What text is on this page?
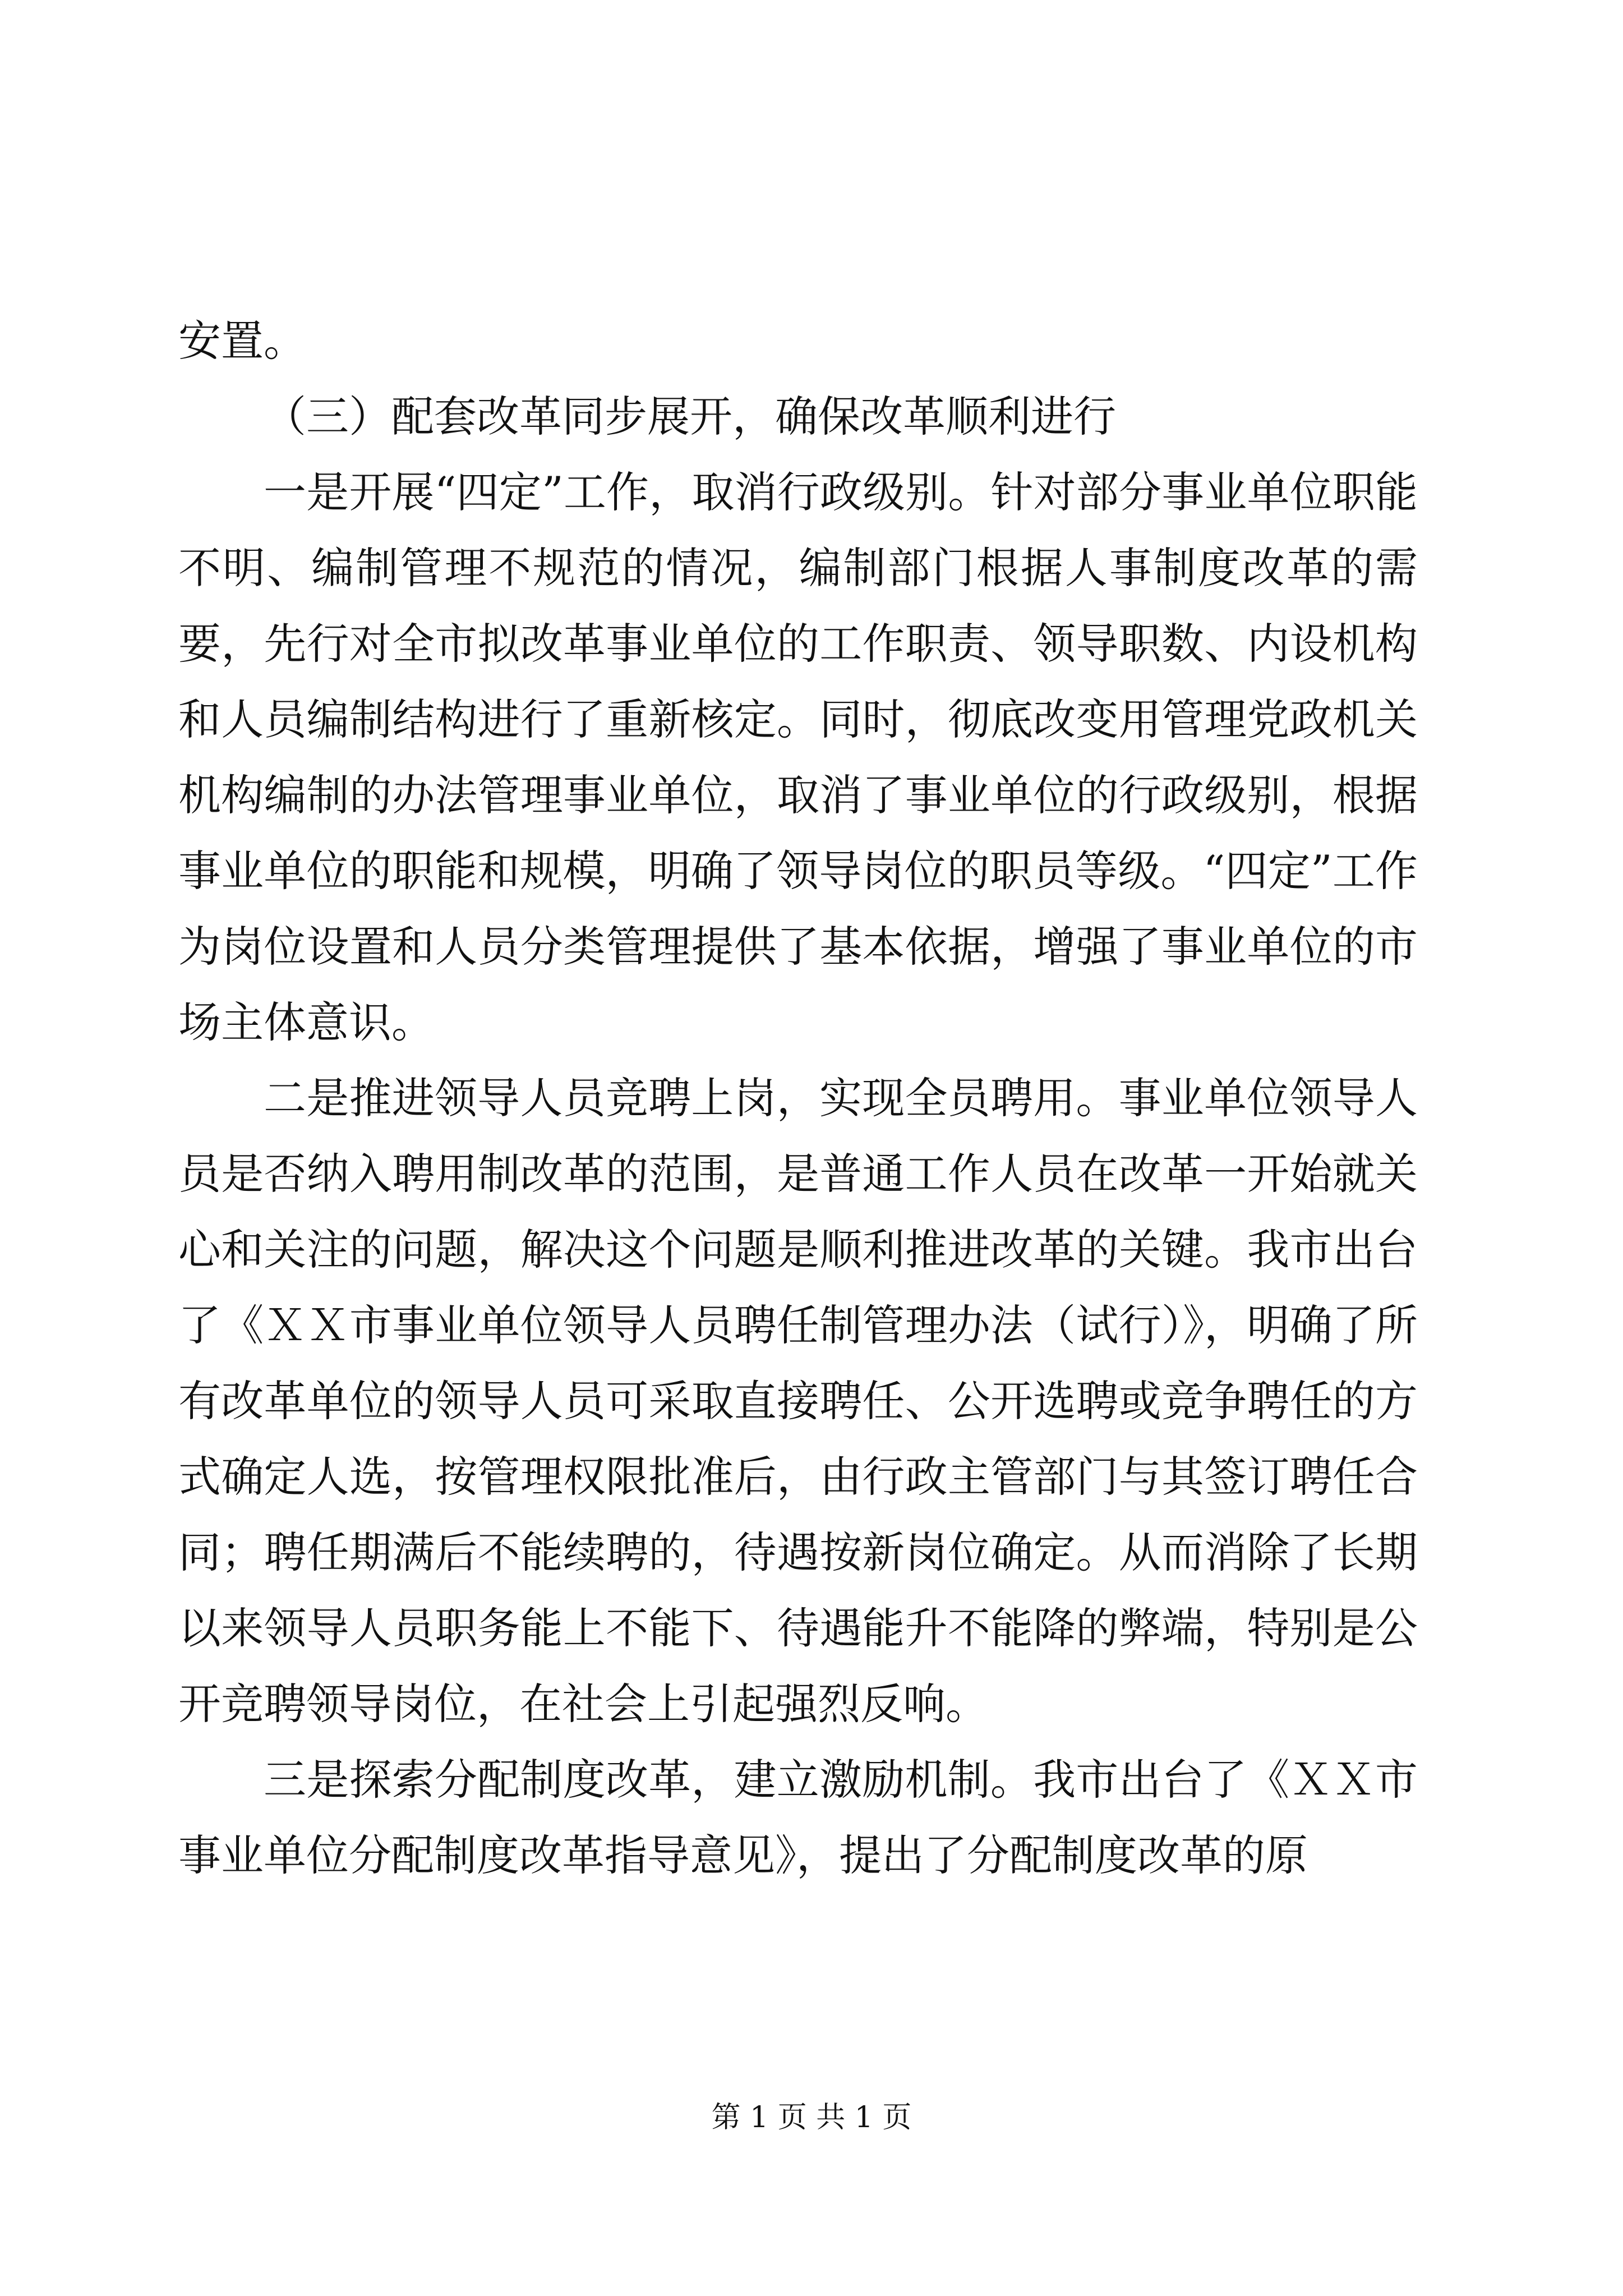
安置。

（三）配套改革同步展开，确保改革顺利进行

一是开展“四定”工作，取消行政级别。针对部分事业单位职能不明、编制管理不规范的情况，编制部门根据人事制度改革的需要，先行对全市拟改革事业单位的工作职责、领导职数、内设机构和人员编制结构进行了重新核定。同时，彻底改变用管理党政机关机构编制的办法管理事业单位，取消了事业单位的行政级别，根据事业单位的职能和规模，明确了领导岗位的职员等级。“四定”工作为岗位设置和人员分类管理提供了基本依据，增强了事业单位的市场主体意识。

二是推进领导人员竞聘上岗，实现全员聘用。事业单位领导人员是否纳入聘用制改革的范围，是普通工作人员在改革一开始就关心和关注的问题，解决这个问题是顺利推进改革的关键。我市出台了《ＸＸ市事业单位领导人员聘任制管理办法（试行）》，明确了所有改革单位的领导人员可采取直接聘任、公开选聘或竞争聘任的方式确定人选，按管理权限批准后，由行政主管部门与其签订聘任合同；聘任期满后不能续聘的，待遇按新岗位确定。从而消除了长期以来领导人员职务能上不能下、待遇能升不能降的弊端，特别是公开竞聘领导岗位，在社会上引起强烈反响。

三是探索分配制度改革，建立激励机制。我市出台了《ＸＸ市事业单位分配制度改革指导意见》，提出了分配制度改革的原

第 1 页 共 1 页
